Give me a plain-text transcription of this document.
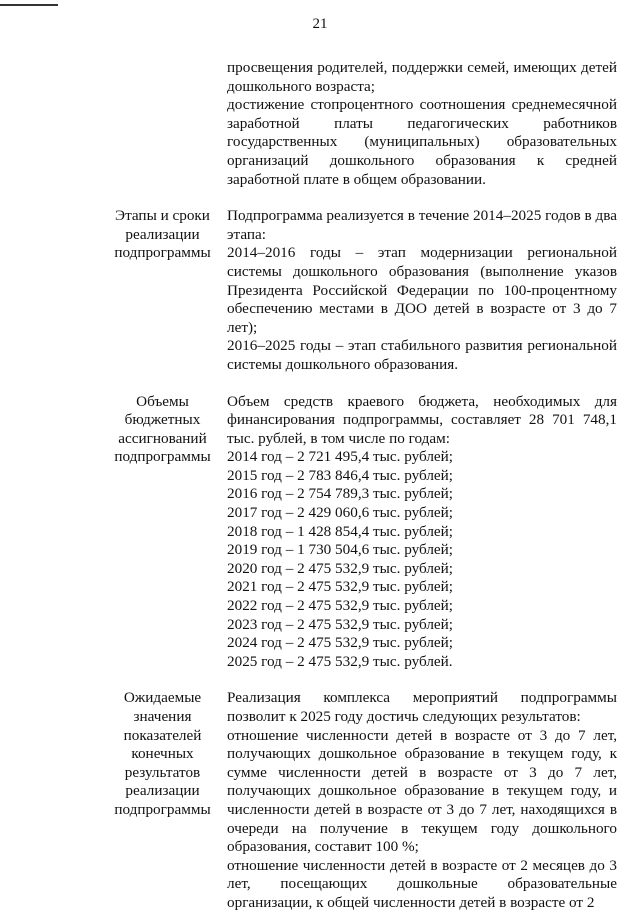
21
просвещения родителей, поддержки семей, имеющих детей дошкольного возраста;
достижение стопроцентного соотношения среднемесячной заработной платы педагогических работников государственных (муниципальных) образовательных организаций дошкольного образования к средней заработной плате в общем образовании.
Этапы и сроки реализации подпрограммы
Подпрограмма реализуется в течение 2014–2025 годов в два этапа:
2014–2016 годы – этап модернизации региональной системы дошкольного образования (выполнение указов Президента Российской Федерации по 100-процентному обеспечению местами в ДОО детей в возрасте от 3 до 7 лет);
2016–2025 годы – этап стабильного развития региональной системы дошкольного образования.
Объемы бюджетных ассигнований подпрограммы
Объем средств краевого бюджета, необходимых для финансирования подпрограммы, составляет 28 701 748,1 тыс. рублей, в том числе по годам:
2014 год – 2 721 495,4 тыс. рублей;
2015 год – 2 783 846,4 тыс. рублей;
2016 год – 2 754 789,3 тыс. рублей;
2017 год – 2 429 060,6 тыс. рублей;
2018 год – 1 428 854,4 тыс. рублей;
2019 год – 1 730 504,6 тыс. рублей;
2020 год – 2 475 532,9 тыс. рублей;
2021 год – 2 475 532,9 тыс. рублей;
2022 год – 2 475 532,9 тыс. рублей;
2023 год – 2 475 532,9 тыс. рублей;
2024 год – 2 475 532,9 тыс. рублей;
2025 год – 2 475 532,9 тыс. рублей.
Ожидаемые значения показателей конечных результатов реализации подпрограммы
Реализация комплекса мероприятий подпрограммы позволит к 2025 году достичь следующих результатов:
отношение численности детей в возрасте от 3 до 7 лет, получающих дошкольное образование в текущем году, к сумме численности детей в возрасте от 3 до 7 лет, получающих дошкольное образование в текущем году, и численности детей в возрасте от 3 до 7 лет, находящихся в очереди на получение в текущем году дошкольного образования, составит 100 %;
отношение численности детей в возрасте от 2 месяцев до 3 лет, посещающих дошкольные образовательные организации, к общей численности детей в возрасте от 2
